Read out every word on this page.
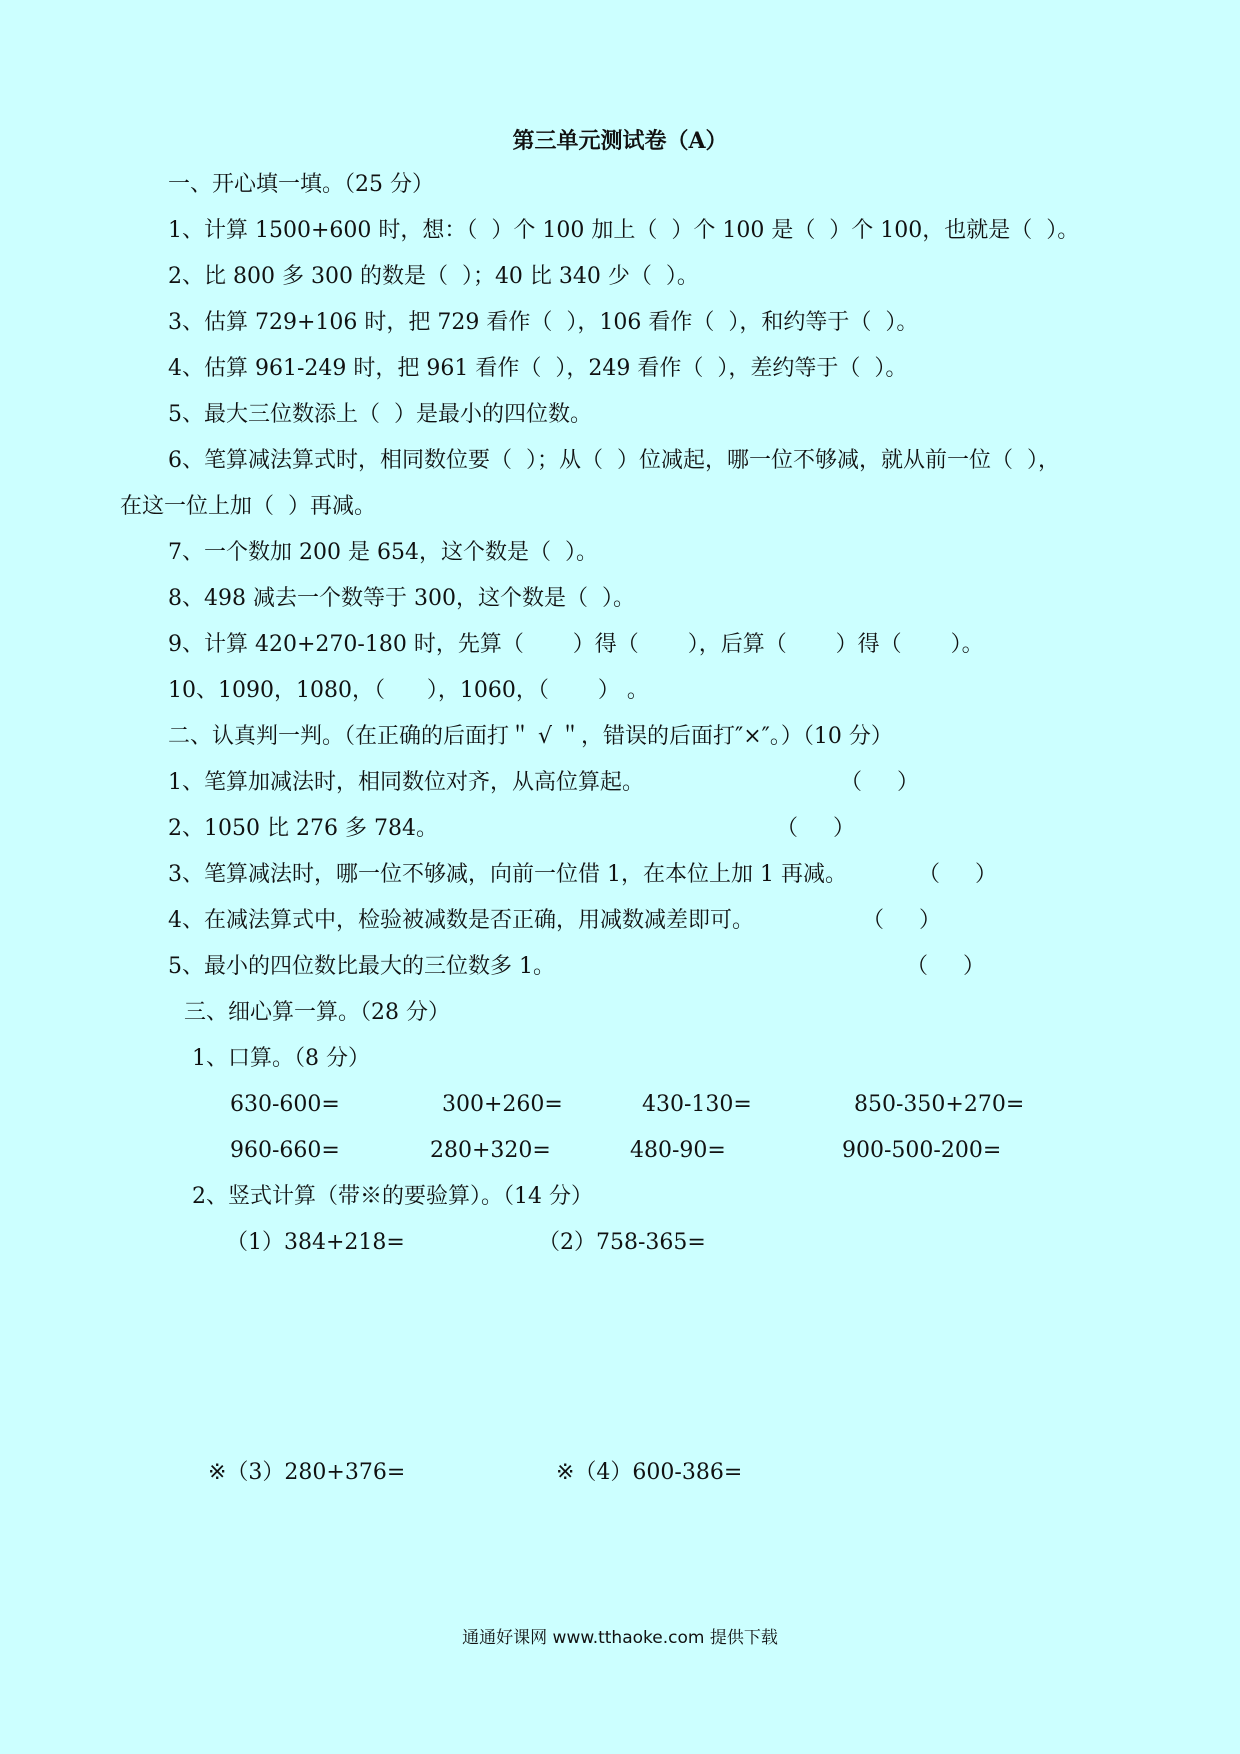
第三单元测试卷（A）
一、开心填一填。（25 分）
1、计算 1500+600 时，想：（  ）个 100 加上（  ）个 100 是（  ）个 100，也就是（  ）。
2、比 800 多 300 的数是（  ）；40 比 340 少（  ）。
3、估算 729+106 时，把 729 看作（  ），106 看作（  ），和约等于（  ）。
4、估算 961-249 时，把 961 看作（  ），249 看作（  ），差约等于（  ）。
5、最大三位数添上（  ）是最小的四位数。
6、笔算减法算式时，相同数位要（  ）；从（  ）位减起，哪一位不够减，就从前一位（  ），
在这一位上加（  ）再减。
7、一个数加 200 是 654，这个数是（  ）。
8、498 减去一个数等于 300，这个数是（  ）。
9、计算 420+270-180 时，先算（       ）得（       ），后算（       ）得（       ）。
10、1090，1080，（      ），1060，（       ） 。
二、认真判一判。（在正确的后面打＂ √ ＂，错误的后面打″×″。）（10 分）
1、笔算加减法时，相同数位对齐，从高位算起。	（     ）
2、1050 比 276 多 784。	（     ）
3、笔算减法时，哪一位不够减，向前一位借 1，在本位上加 1 再减。	（     ）
4、在减法算式中，检验被减数是否正确，用减数减差即可。	（     ）
5、最小的四位数比最大的三位数多 1。	（     ）
三、细心算一算。（28 分）
1、口算。（8 分）
630-600=	300+260=	430-130=	850-350+270=
960-660=	280+320=	480-90=	900-500-200=
2、竖式计算（带※的要验算）。（14 分）
（1）384+218=	（2）758-365=
※（3）280+376=	※（4）600-386=
通通好课网 www.tthaoke.com 提供下载
